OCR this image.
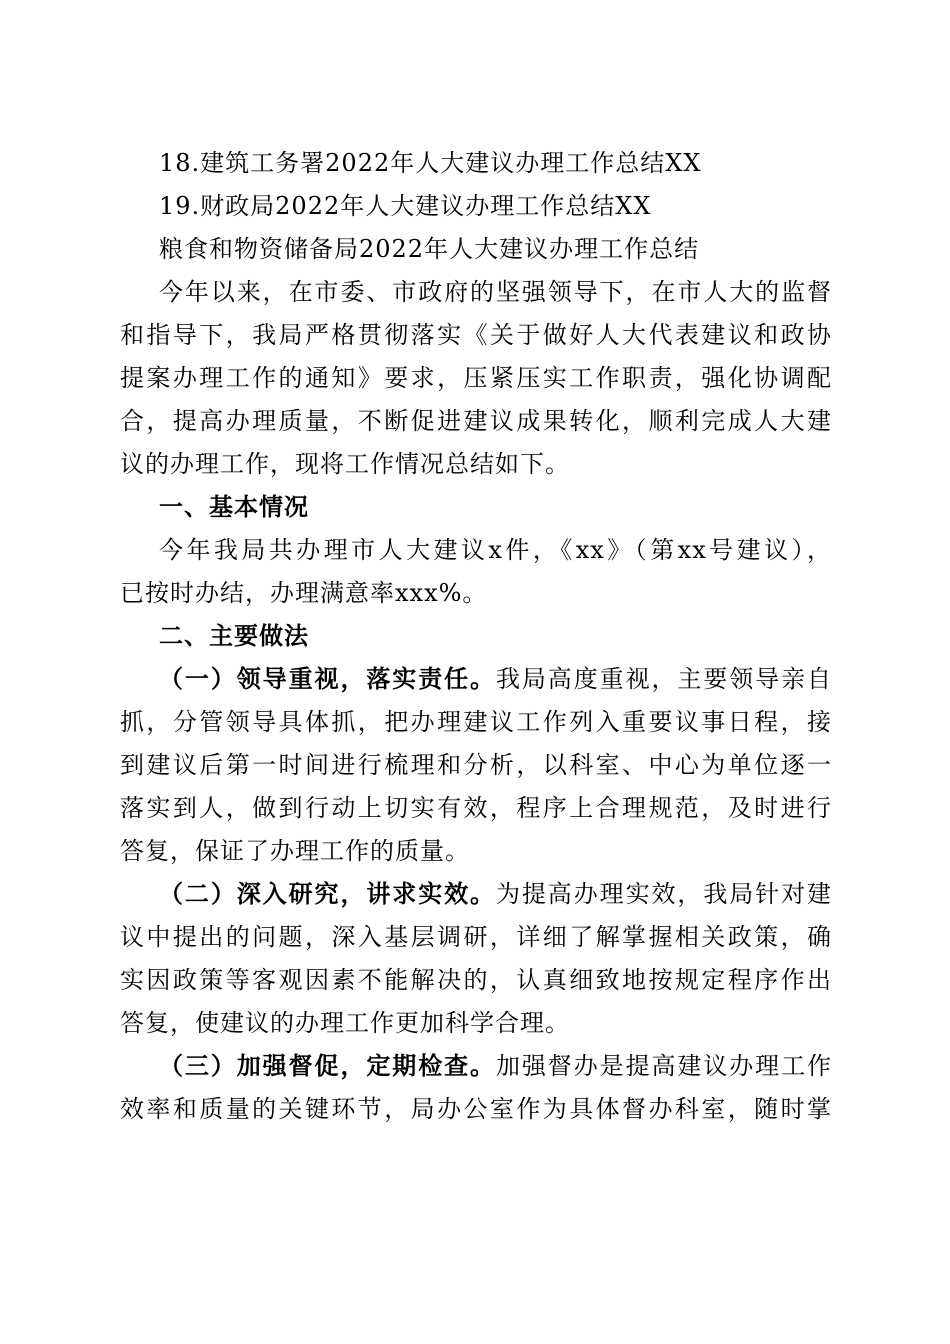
18.建筑工务署2022年人大建议办理工作总结XX
19.财政局2022年人大建议办理工作总结XX
粮食和物资储备局2022年人大建议办理工作总结
今年以来，在市委、市政府的坚强领导下，在市人大的监督
和指导下，我局严格贯彻落实《关于做好人大代表建议和政协
提案办理工作的通知》要求，压紧压实工作职责，强化协调配
合，提高办理质量，不断促进建议成果转化，顺利完成人大建
议的办理工作，现将工作情况总结如下。
一、基本情况
今年我局共办理市人大建议x件，《xx》（第xx号建议），
已按时办结，办理满意率xxx%。
二、主要做法
（一）领导重视，落实责任。我局高度重视，主要领导亲自
抓，分管领导具体抓，把办理建议工作列入重要议事日程，接
到建议后第一时间进行梳理和分析，以科室、中心为单位逐一
落实到人，做到行动上切实有效，程序上合理规范，及时进行
答复，保证了办理工作的质量。
（二）深入研究，讲求实效。为提高办理实效，我局针对建
议中提出的问题，深入基层调研，详细了解掌握相关政策，确
实因政策等客观因素不能解决的，认真细致地按规定程序作出
答复，使建议的办理工作更加科学合理。
（三）加强督促，定期检查。加强督办是提高建议办理工作
效率和质量的关键环节，局办公室作为具体督办科室，随时掌
